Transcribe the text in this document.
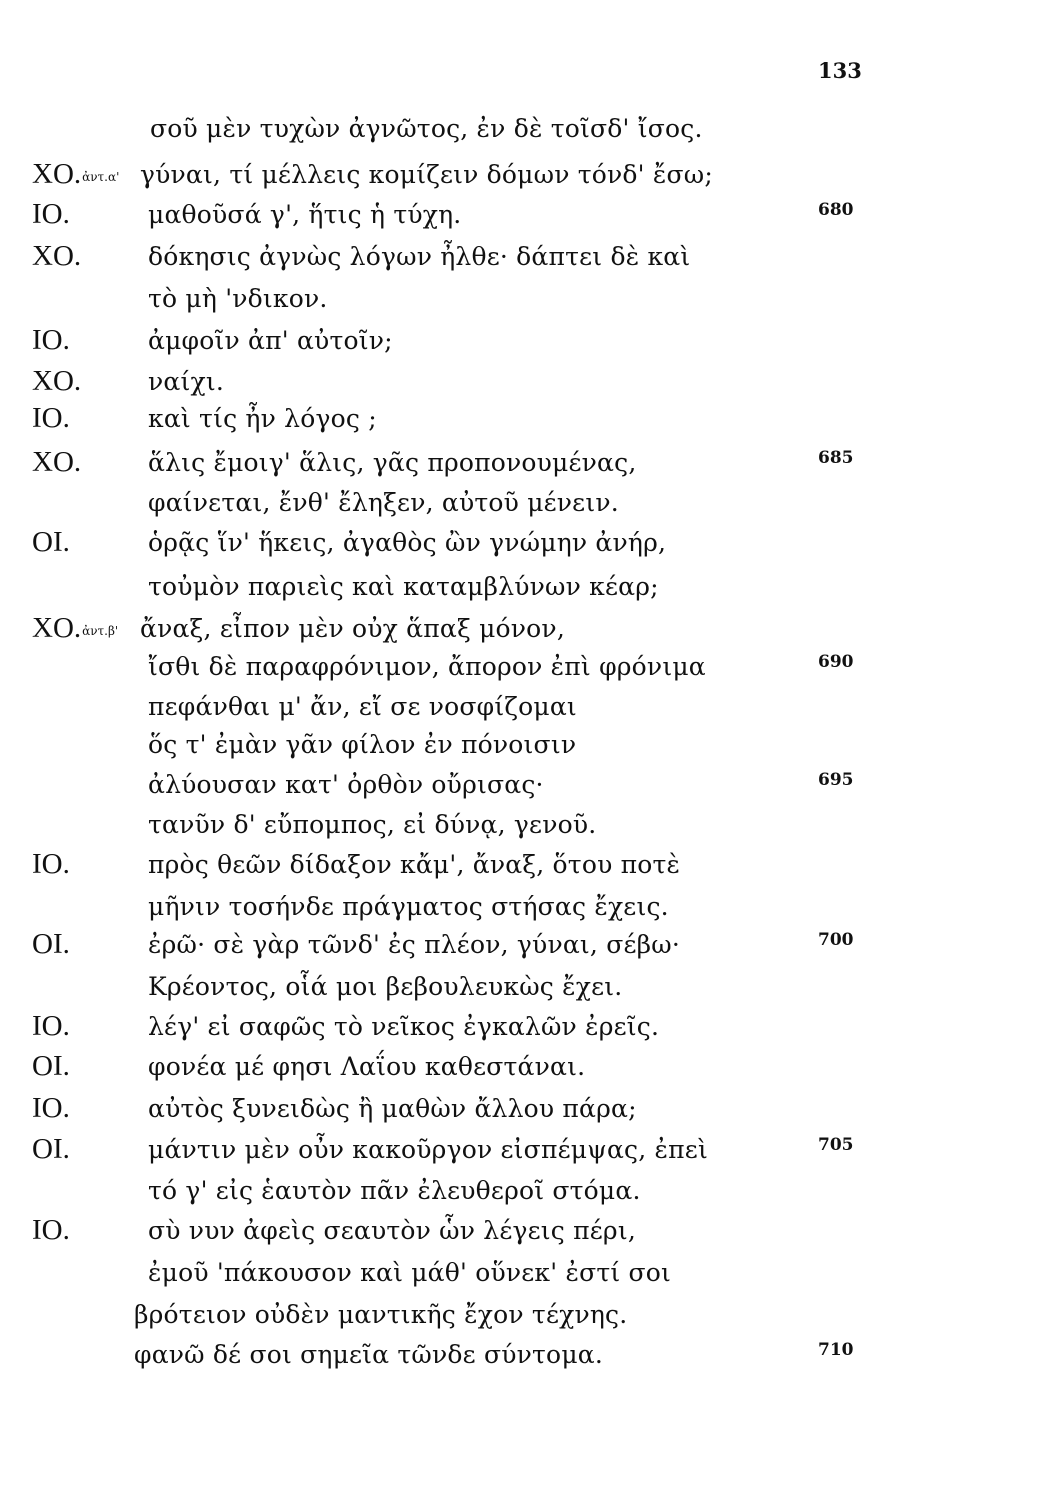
133
σοῦ μὲν τυχὼν ἀγνῶτος, ἐν δὲ τοῖσδ' ἴσος.
ΧΟ.ἀντ.α' γύναι, τί μέλλεις κομίζειν δόμων τόνδ' ἔσω;
ΙΟ.	μαθοῦσά γ', ἥτις ἡ τύχη.	680
ΧΟ.	δόκησις ἀγνὼς λόγων ἦλθε· δάπτει δὲ καὶ
τὸ μὴ 'νδικον.
ΙΟ.	ἀμφοῖν ἀπ' αὐτοῖν;
ΧΟ.	ναίχι.
ΙΟ.	καὶ τίς ἦν λόγος ;
ΧΟ.	ἅλις ἔμοιγ' ἅλις, γᾶς προπονουμένας,	685
φαίνεται, ἔνθ' ἔληξεν, αὐτοῦ μένειν.
ΟΙ.	ὁρᾷς ἵν' ἥκεις, ἀγαθὸς ὢν γνώμην ἀνήρ,
τοὐμὸν παριεὶς καὶ καταμβλύνων κέαρ;
ΧΟ.ἀντ.β' ἄναξ, εἶπον μὲν οὐχ ἅπαξ μόνον,
ἴσθι δὲ παραφρόνιμον, ἄπορον ἐπὶ φρόνιμα	690
πεφάνθαι μ' ἄν, εἴ σε νοσφίζομαι
ὅς τ' ἐμὰν γᾶν φίλον ἐν πόνοισιν
ἀλύουσαν κατ' ὀρθὸν οὔρισας·	695
τανῦν δ' εὔπομπος, εἰ δύνᾳ, γενοῦ.
ΙΟ.	πρὸς θεῶν δίδαξον κἄμ', ἄναξ, ὅτου ποτὲ
μῆνιν τοσήνδε πράγματος στήσας ἔχεις.
ΟΙ.	ἐρῶ· σὲ γὰρ τῶνδ' ἐς πλέον, γύναι, σέβω·	700
Κρέοντος, οἷά μοι βεβουλευκὼς ἔχει.
ΙΟ.	λέγ' εἰ σαφῶς τὸ νεῖκος ἐγκαλῶν ἐρεῖς.
ΟΙ.	φονέα μέ φησι Λαΐου καθεστάναι.
ΙΟ.	αὐτὸς ξυνειδὼς ἢ μαθὼν ἄλλου πάρα;
ΟΙ.	μάντιν μὲν οὖν κακοῦργον εἰσπέμψας, ἐπεὶ	705
τό γ' εἰς ἑαυτὸν πᾶν ἐλευθεροῖ στόμα.
ΙΟ.	σὺ νυν ἀφεὶς σεαυτὸν ὧν λέγεις πέρι,
ἐμοῦ 'πάκουσον καὶ μάθ' οὕνεκ' ἐστί σοι
βρότειον οὐδὲν μαντικῆς ἔχον τέχνης.
φανῶ δέ σοι σημεῖα τῶνδε σύντομα.	710
